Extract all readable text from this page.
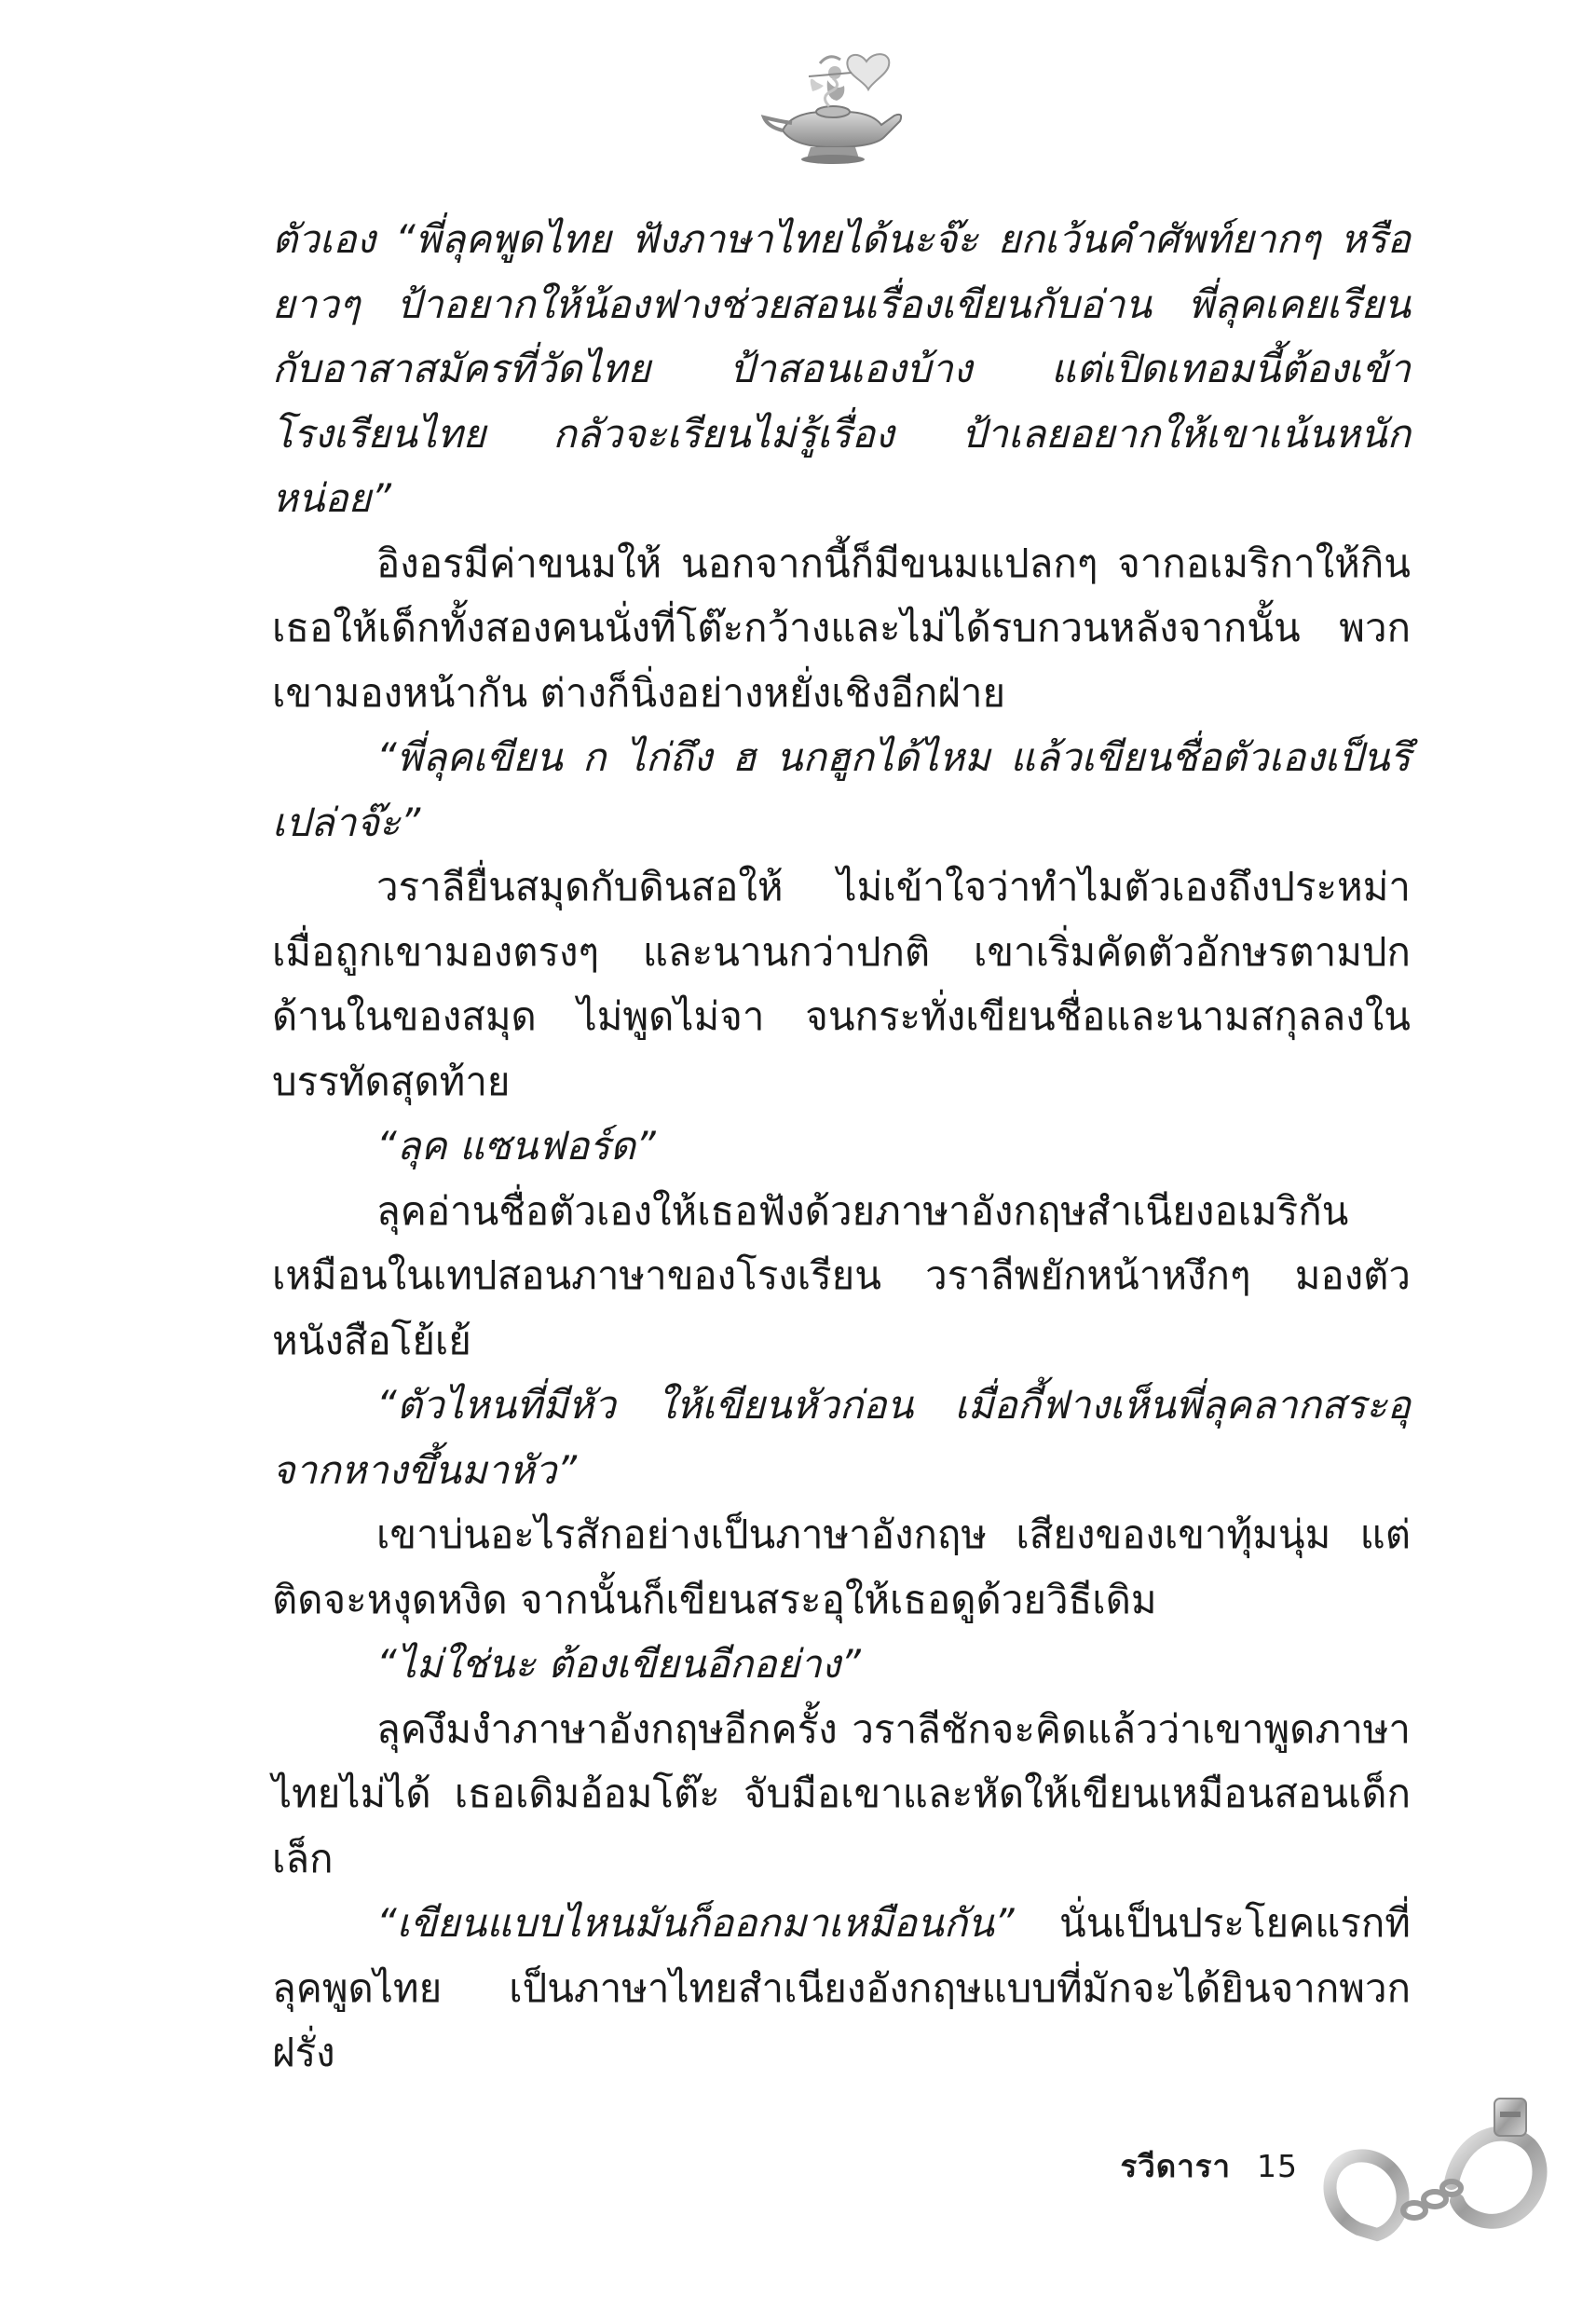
ตัวเอง “พี่ลุคพูดไทย ฟังภาษาไทยได้นะจ๊ะ ยกเว้นคำศัพท์ยากๆ หรือยาวๆ ป้าอยากให้น้องฟางช่วยสอนเรื่องเขียนกับอ่าน พี่ลุคเคยเรียนกับอาสาสมัครที่วัดไทย ป้าสอนเองบ้าง แต่เปิดเทอมนี้ต้องเข้าโรงเรียนไทย กลัวจะเรียนไม่รู้เรื่อง ป้าเลยอยากให้เขาเน้นหนักหน่อย”

อิงอรมีค่าขนมให้ นอกจากนี้ก็มีขนมแปลกๆ จากอเมริกาให้กิน เธอให้เด็กทั้งสองคนนั่งที่โต๊ะกว้างและไม่ได้รบกวนหลังจากนั้น พวกเขามองหน้ากัน ต่างก็นิ่งอย่างหยั่งเชิงอีกฝ่าย

“พี่ลุคเขียน ก ไก่ถึง ฮ นกฮูกได้ไหม แล้วเขียนชื่อตัวเองเป็นรึเปล่าจ๊ะ”

วราลียื่นสมุดกับดินสอให้ ไม่เข้าใจว่าทำไมตัวเองถึงประหม่าเมื่อถูกเขามองตรงๆ และนานกว่าปกติ เขาเริ่มคัดตัวอักษรตามปกด้านในของสมุด ไม่พูดไม่จา จนกระทั่งเขียนชื่อและนามสกุลลงในบรรทัดสุดท้าย

“ลุค แซนฟอร์ด”

ลุคอ่านชื่อตัวเองให้เธอฟังด้วยภาษาอังกฤษสำเนียงอเมริกันเหมือนในเทปสอนภาษาของโรงเรียน วราลีพยักหน้าหงึกๆ มองตัวหนังสือโย้เย้

“ตัวไหนที่มีหัว ให้เขียนหัวก่อน เมื่อกี้ฟางเห็นพี่ลุคลากสระอุจากหางขึ้นมาหัว”

เขาบ่นอะไรสักอย่างเป็นภาษาอังกฤษ เสียงของเขาทุ้มนุ่ม แต่ติดจะหงุดหงิด จากนั้นก็เขียนสระอุให้เธอดูด้วยวิธีเดิม

“ไม่ใช่นะ ต้องเขียนอีกอย่าง”

ลุคงึมงำภาษาอังกฤษอีกครั้ง วราลีชักจะคิดแล้วว่าเขาพูดภาษาไทยไม่ได้ เธอเดิมอ้อมโต๊ะ จับมือเขาและหัดให้เขียนเหมือนสอนเด็กเล็ก

“เขียนแบบไหนมันก็ออกมาเหมือนกัน” นั่นเป็นประโยคแรกที่ลุคพูดไทย เป็นภาษาไทยสำเนียงอังกฤษแบบที่มักจะได้ยินจากพวกฝรั่ง

รวีดารา 15
